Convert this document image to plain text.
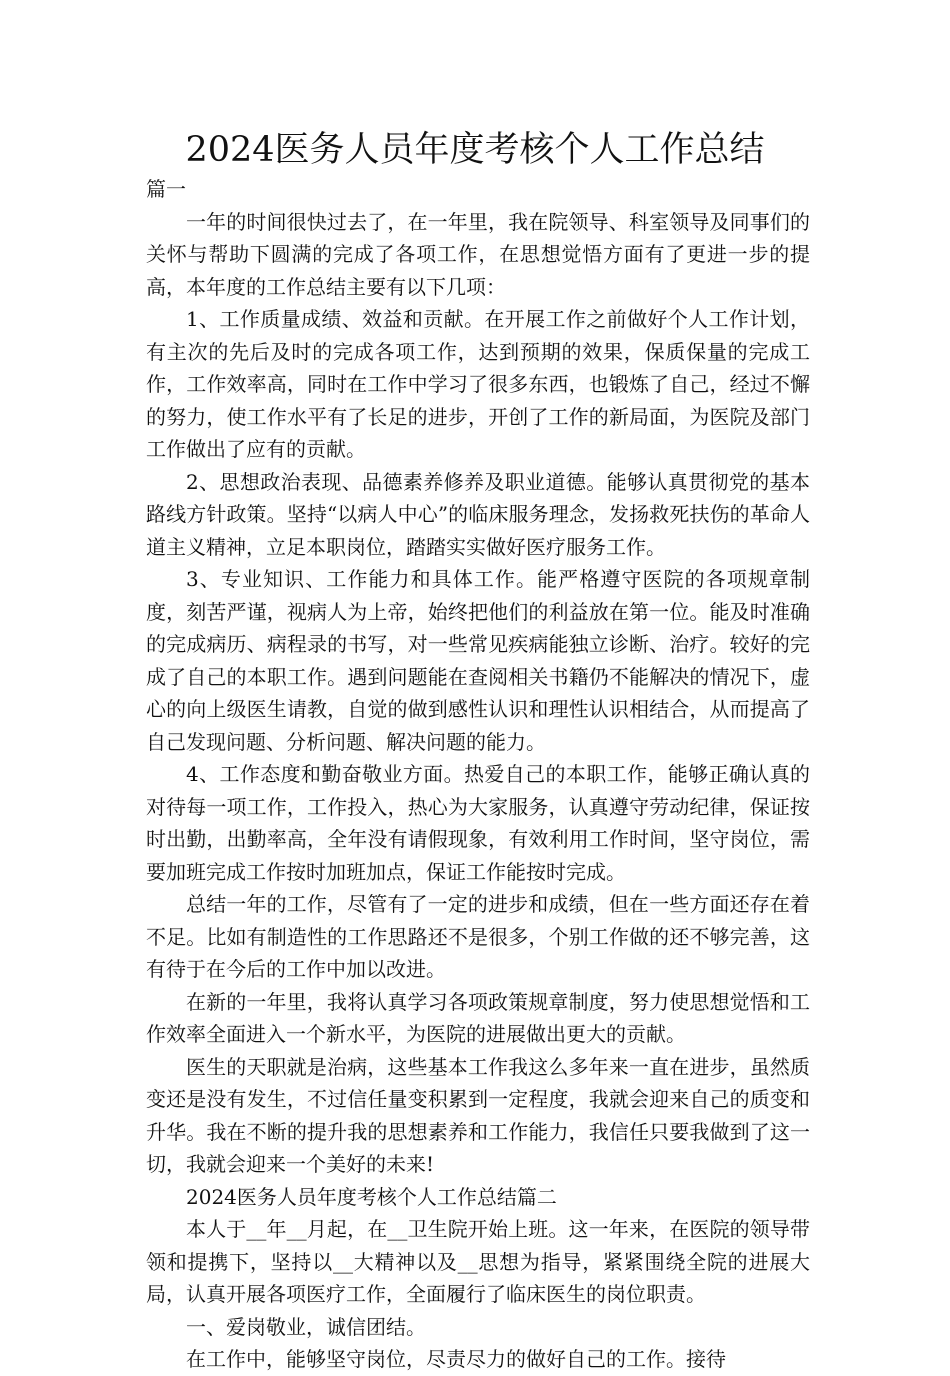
2024医务人员年度考核个人工作总结

篇一

一年的时间很快过去了，在一年里，我在院领导、科室领导及同事们的关怀与帮助下圆满的完成了各项工作，在思想觉悟方面有了更进一步的提高，本年度的工作总结主要有以下几项：

1、工作质量成绩、效益和贡献。在开展工作之前做好个人工作计划，有主次的先后及时的完成各项工作，达到预期的效果，保质保量的完成工作，工作效率高，同时在工作中学习了很多东西，也锻炼了自己，经过不懈的努力，使工作水平有了长足的进步，开创了工作的新局面，为医院及部门工作做出了应有的贡献。

2、思想政治表现、品德素养修养及职业道德。能够认真贯彻党的基本路线方针政策。坚持“以病人中心”的临床服务理念，发扬救死扶伤的革命人道主义精神，立足本职岗位，踏踏实实做好医疗服务工作。

3、专业知识、工作能力和具体工作。能严格遵守医院的各项规章制度，刻苦严谨，视病人为上帝，始终把他们的利益放在第一位。能及时准确的完成病历、病程录的书写，对一些常见疾病能独立诊断、治疗。较好的完成了自己的本职工作。遇到问题能在查阅相关书籍仍不能解决的情况下，虚心的向上级医生请教，自觉的做到感性认识和理性认识相结合，从而提高了自己发现问题、分析问题、解决问题的能力。

4、工作态度和勤奋敬业方面。热爱自己的本职工作，能够正确认真的对待每一项工作，工作投入，热心为大家服务，认真遵守劳动纪律，保证按时出勤，出勤率高，全年没有请假现象，有效利用工作时间，坚守岗位，需要加班完成工作按时加班加点，保证工作能按时完成。

总结一年的工作，尽管有了一定的进步和成绩，但在一些方面还存在着不足。比如有制造性的工作思路还不是很多，个别工作做的还不够完善，这有待于在今后的工作中加以改进。

在新的一年里，我将认真学习各项政策规章制度，努力使思想觉悟和工作效率全面进入一个新水平，为医院的进展做出更大的贡献。

医生的天职就是治病，这些基本工作我这么多年来一直在进步，虽然质变还是没有发生，不过信任量变积累到一定程度，我就会迎来自己的质变和升华。我在不断的提升我的思想素养和工作能力，我信任只要我做到了这一切，我就会迎来一个美好的未来!

2024医务人员年度考核个人工作总结篇二

本人于__年__月起，在__卫生院开始上班。这一年来，在医院的领导带领和提携下，坚持以__大精神以及__思想为指导，紧紧围绕全院的进展大局，认真开展各项医疗工作，全面履行了临床医生的岗位职责。

一、爱岗敬业，诚信团结。

在工作中，能够坚守岗位，尽责尽力的做好自己的工作。接待
